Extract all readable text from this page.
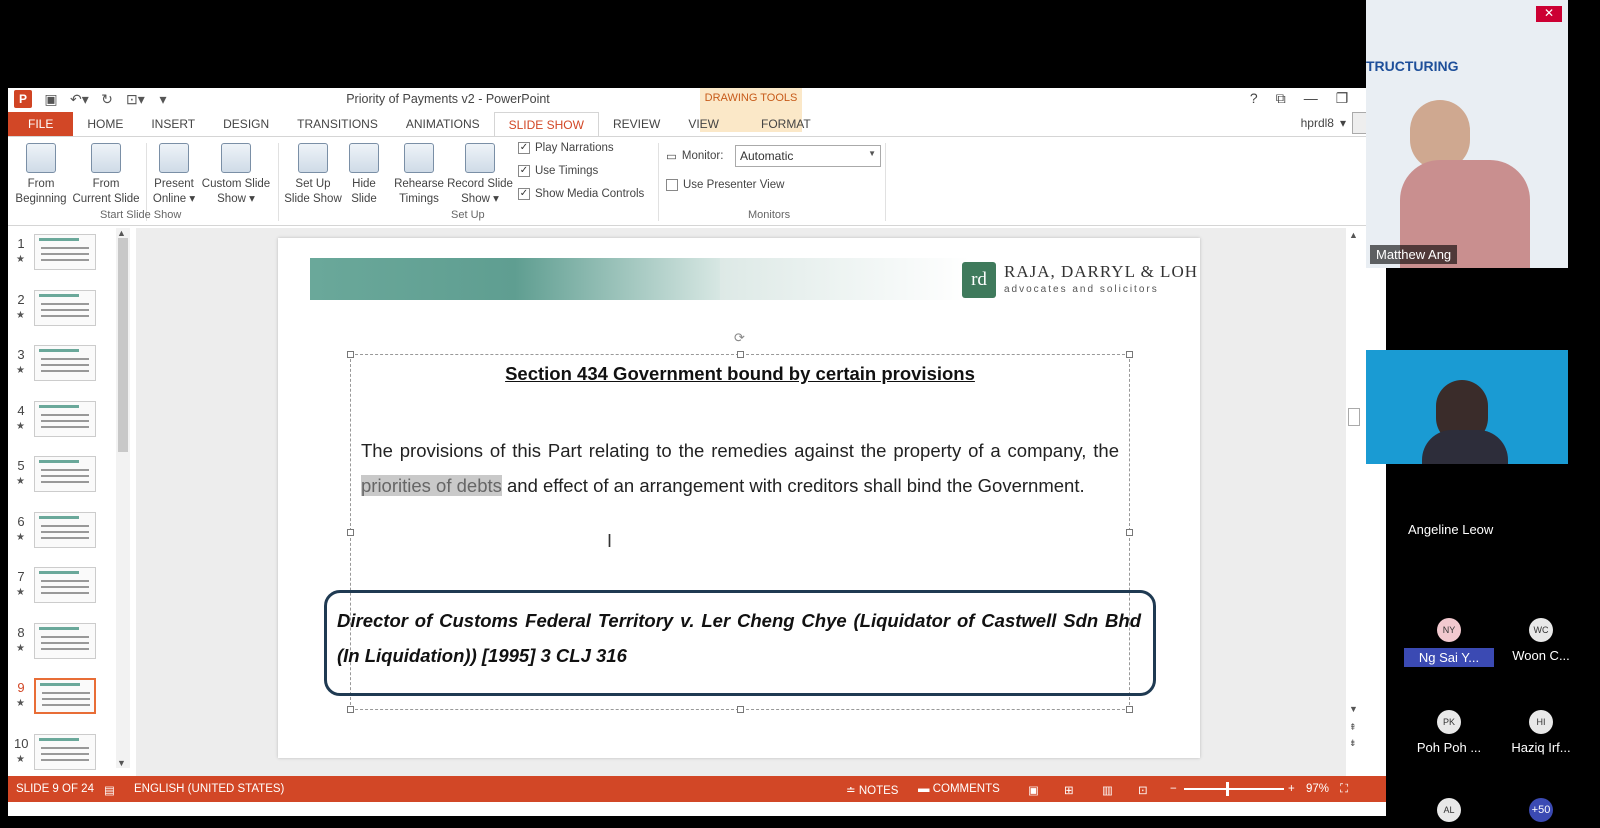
P	▣ ↶▾ ↻ ⊡▾	▾	Priority of Payments v2 - PowerPoint	? ⧉ — ❐
DRAWING TOOLS
FILE	HOME	INSERT	DESIGN	TRANSITIONS	ANIMATIONS	SLIDE SHOW	REVIEW	VIEW	FORMAT	hprdl8 ▾
From
Beginning
From
Current Slide
Present
Online ▾
Custom Slide
Show ▾
Start Slide Show
Set Up
Slide Show
Hide
Slide
Rehearse
Timings
Record Slide
Show ▾
✓ Play Narrations
✓ Use Timings
✓ Show Media Controls
Set Up
▭ Monitor:	Automatic	▼
Use Presenter View
Monitors
1
★
2
★
3
★
4
★
5
★
6
★
7
★
8
★
9
★
10
★
▲
▼
rd	RAJA, DARRYL & LOH
advocates and solicitors
⟳
Section 434 Government bound by certain provisions
The provisions of this Part relating to the remedies against the property of a company, the priorities of debts and effect of an arrangement with creditors shall bind the Government.
I
Director of Customs Federal Territory v. Ler Cheng Chye (Liquidator of Castwell Sdn Bhd (In Liquidation)) [1995] 3 CLJ 316
▲
▼
⇞
⇟
SLIDE 9 OF 24 ▤ ENGLISH (UNITED STATES)	≐ NOTES ▬ COMMENTS ▣ ⊞ ▥ ⊡ −	+ 97% ⛶
TRUCTURING
✕
Matthew Ang
Angeline Leow
NY
Ng Sai Y...
WC
Woon C...
PK
Poh Poh ...
HI
Haziq Irf...
AL	+50
